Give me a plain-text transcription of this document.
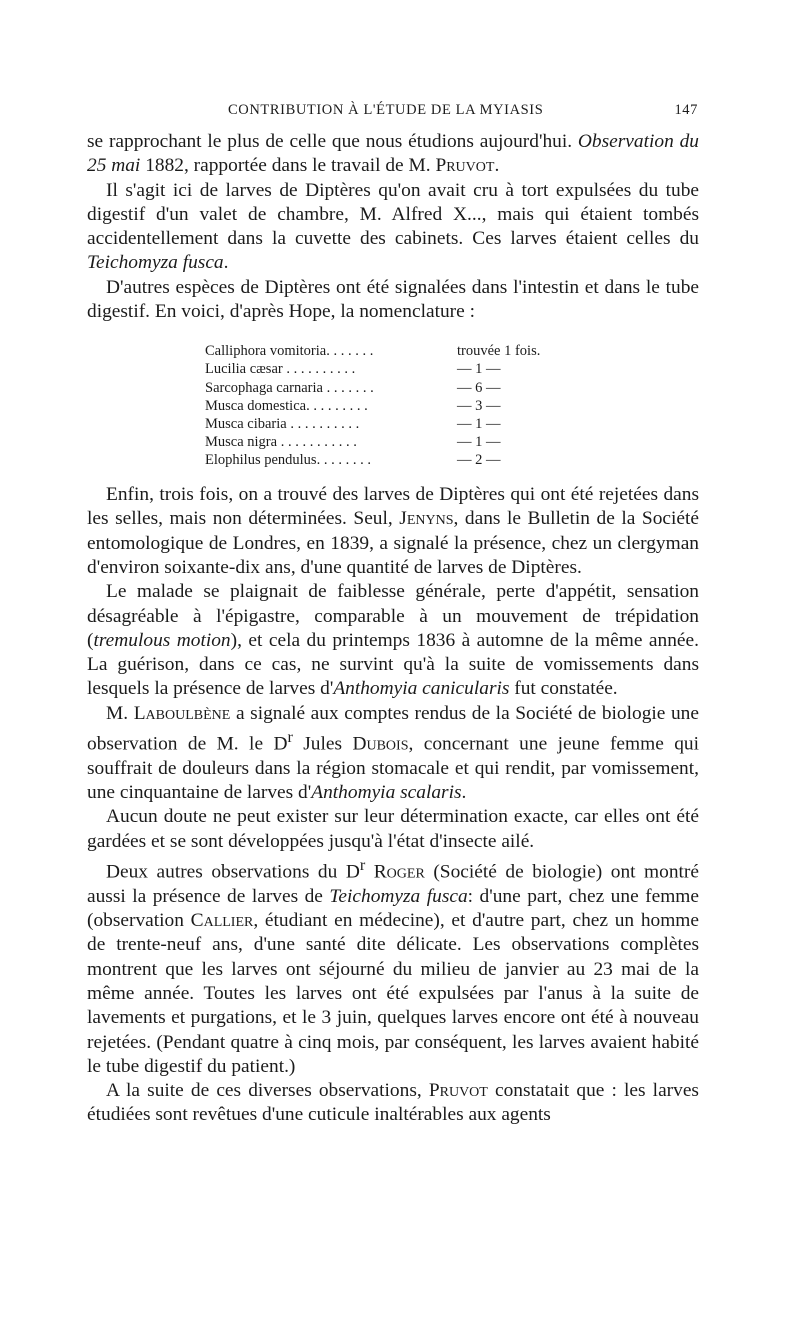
CONTRIBUTION À L'ÉTUDE DE LA MYIASIS	147

se rapprochant le plus de celle que nous étudions aujourd'hui. Observation du 25 mai 1882, rapportée dans le travail de M. Pruvot.

Il s'agit ici de larves de Diptères qu'on avait cru à tort expulsées du tube digestif d'un valet de chambre, M. Alfred X..., mais qui étaient tombés accidentellement dans la cuvette des cabinets. Ces larves étaient celles du Teichomyza fusca.

D'autres espèces de Diptères ont été signalées dans l'intestin et dans le tube digestif. En voici, d'après Hope, la nomenclature :

Calliphora vomitoria. . . . . . .	trouvée 1 fois.
Lucilia cæsar . . . . . . . . . .	— 1 —
Sarcophaga carnaria . . . . . . .	— 6 —
Musca domestica. . . . . . . . .	— 3 —
Musca cibaria . . . . . . . . . .	— 1 —
Musca nigra . . . . . . . . . . .	— 1 —
Elophilus pendulus. . . . . . . .	— 2 —

Enfin, trois fois, on a trouvé des larves de Diptères qui ont été rejetées dans les selles, mais non déterminées. Seul, Jenyns, dans le Bulletin de la Société entomologique de Londres, en 1839, a signalé la présence, chez un clergyman d'environ soixante-dix ans, d'une quantité de larves de Diptères.

Le malade se plaignait de faiblesse générale, perte d'appétit, sensation désagréable à l'épigastre, comparable à un mouvement de trépidation (tremulous motion), et cela du printemps 1836 à automne de la même année. La guérison, dans ce cas, ne survint qu'à la suite de vomissements dans lesquels la présence de larves d'Anthomyia canicularis fut constatée.

M. Laboulbène a signalé aux comptes rendus de la Société de biologie une observation de M. le $D^r$ Jules Dubois, concernant une jeune femme qui souffrait de douleurs dans la région stomacale et qui rendit, par vomissement, une cinquantaine de larves d'Anthomyia scalaris.

Aucun doute ne peut exister sur leur détermination exacte, car elles ont été gardées et se sont développées jusqu'à l'état d'insecte ailé.

Deux autres observations du $D^r$ Roger (Société de biologie) ont montré aussi la présence de larves de Teichomyza fusca: d'une part, chez une femme (observation Callier, étudiant en médecine), et d'autre part, chez un homme de trente-neuf ans, d'une santé dite délicate. Les observations complètes montrent que les larves ont séjourné du milieu de janvier au 23 mai de la même année. Toutes les larves ont été expulsées par l'anus à la suite de lavements et purgations, et le 3 juin, quelques larves encore ont été à nouveau rejetées. (Pendant quatre à cinq mois, par conséquent, les larves avaient habité le tube digestif du patient.)

A la suite de ces diverses observations, Pruvot constatait que : les larves étudiées sont revêtues d'une cuticule inaltérables aux agents
